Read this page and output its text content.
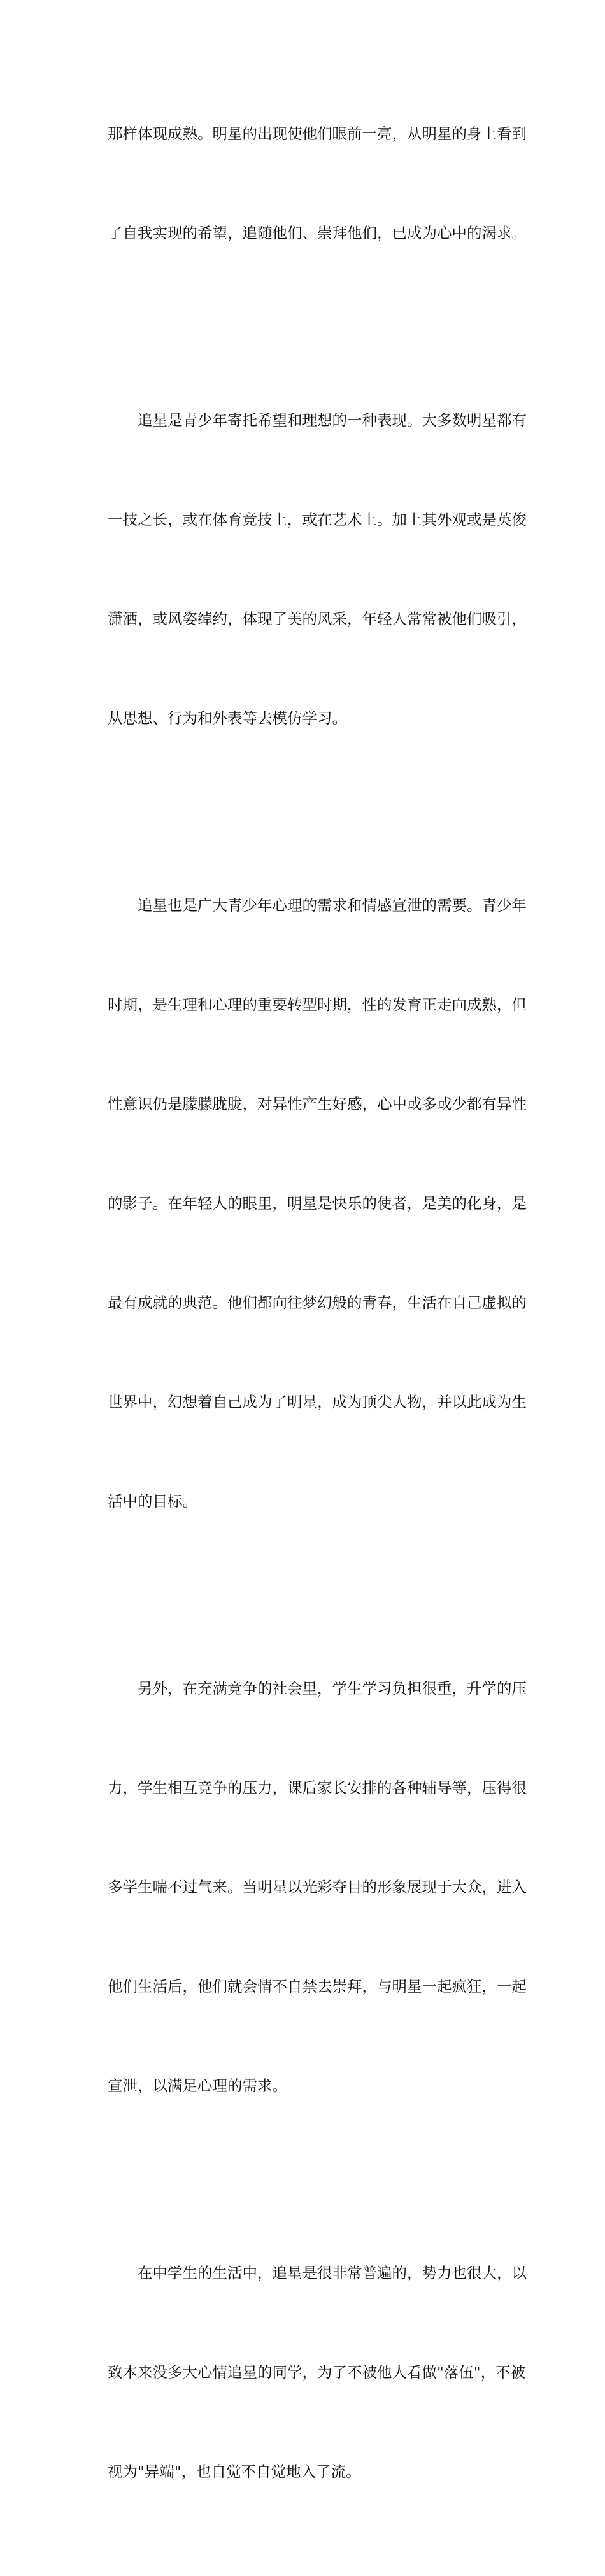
那样体现成熟。明星的出现使他们眼前一亮，从明星的身上看到

了自我实现的希望，追随他们、崇拜他们，已成为心中的渴求。

　　追星是青少年寄托希望和理想的一种表现。大多数明星都有

一技之长，或在体育竞技上，或在艺术上。加上其外观或是英俊

潇洒，或风姿绰约，体现了美的风采，年轻人常常被他们吸引，

从思想、行为和外表等去模仿学习。

　　追星也是广大青少年心理的需求和情感宣泄的需要。青少年

时期，是生理和心理的重要转型时期，性的发育正走向成熟，但

性意识仍是朦朦胧胧，对异性产生好感，心中或多或少都有异性

的影子。在年轻人的眼里，明星是快乐的使者，是美的化身，是

最有成就的典范。他们都向往梦幻般的青春，生活在自己虚拟的

世界中，幻想着自己成为了明星，成为顶尖人物，并以此成为生

活中的目标。

　　另外，在充满竞争的社会里，学生学习负担很重，升学的压

力，学生相互竞争的压力，课后家长安排的各种辅导等，压得很

多学生喘不过气来。当明星以光彩夺目的形象展现于大众，进入

他们生活后，他们就会情不自禁去崇拜，与明星一起疯狂，一起

宣泄，以满足心理的需求。

　　在中学生的生活中，追星是很非常普遍的，势力也很大，以

致本来没多大心情追星的同学，为了不被他人看做"落伍"，不被

视为"异端"，也自觉不自觉地入了流。
